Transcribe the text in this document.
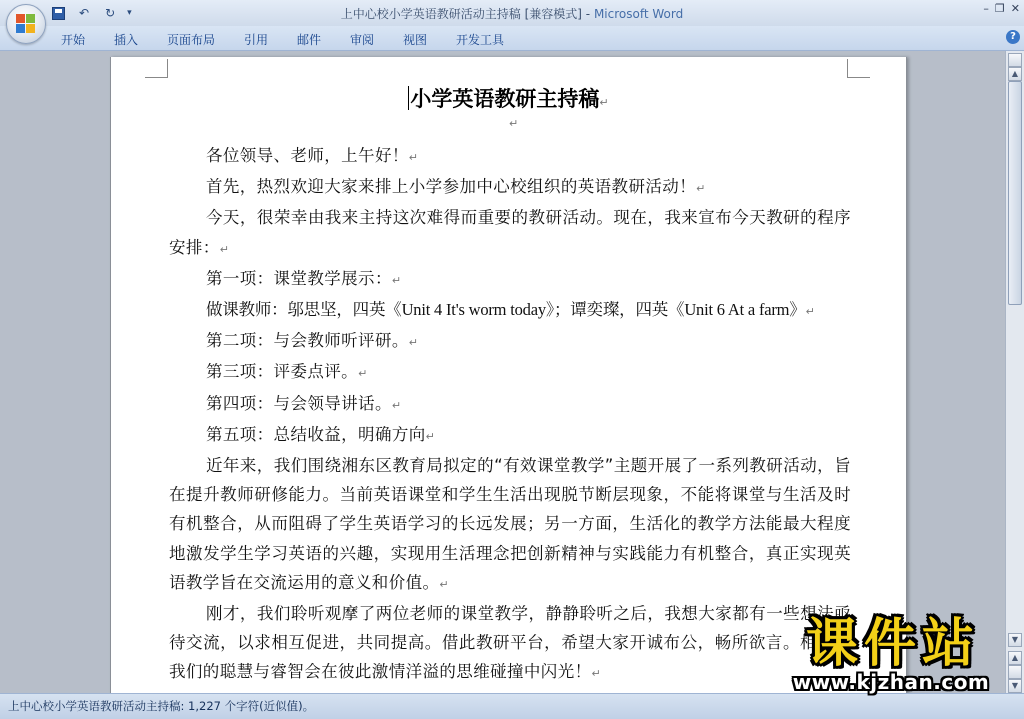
↶ ↻ ▾	上中心校小学英语教研活动主持稿 [兼容模式] - Microsoft Word	– ❐ ✕
开始 插入 页面布局 引用 邮件 审阅 视图 开发工具	?
小学英语教研主持稿↵
↵

各位领导、老师，上午好！↵

首先，热烈欢迎大家来排上小学参加中心校组织的英语教研活动！↵

今天，很荣幸由我来主持这次难得而重要的教研活动。现在，我来宣布今天教研的程序安排：↵

第一项：课堂教学展示：↵

做课教师：邬思坚，四英《Unit 4 It's worm today》；谭奕璨，四英《Unit 6 At a farm》↵

第二项：与会教师听评研。↵

第三项：评委点评。↵

第四项：与会领导讲话。↵

第五项：总结收益，明确方向↵

近年来，我们围绕湘东区教育局拟定的“有效课堂教学”主题开展了一系列教研活动，旨在提升教师研修能力。当前英语课堂和学生生活出现脱节断层现象，不能将课堂与生活及时有机整合，从而阻碍了学生英语学习的长远发展；另一方面，生活化的教学方法能最大程度地激发学生学习英语的兴趣，实现用生活理念把创新精神与实践能力有机整合，真正实现英语教学旨在交流运用的意义和价值。↵

刚才，我们聆听观摩了两位老师的课堂教学，静静聆听之后，我想大家都有一些想法亟待交流，以求相互促进，共同提高。借此教研平台，希望大家开诚布公，畅所欲言。相信，我们的聪慧与睿智会在彼此激情洋溢的思维碰撞中闪光！↵

▲
▼
▲
▼
上中心校小学英语教研活动主持稿: 1,227 个字符(近似值)。
课件站
www.kjzhan.com
